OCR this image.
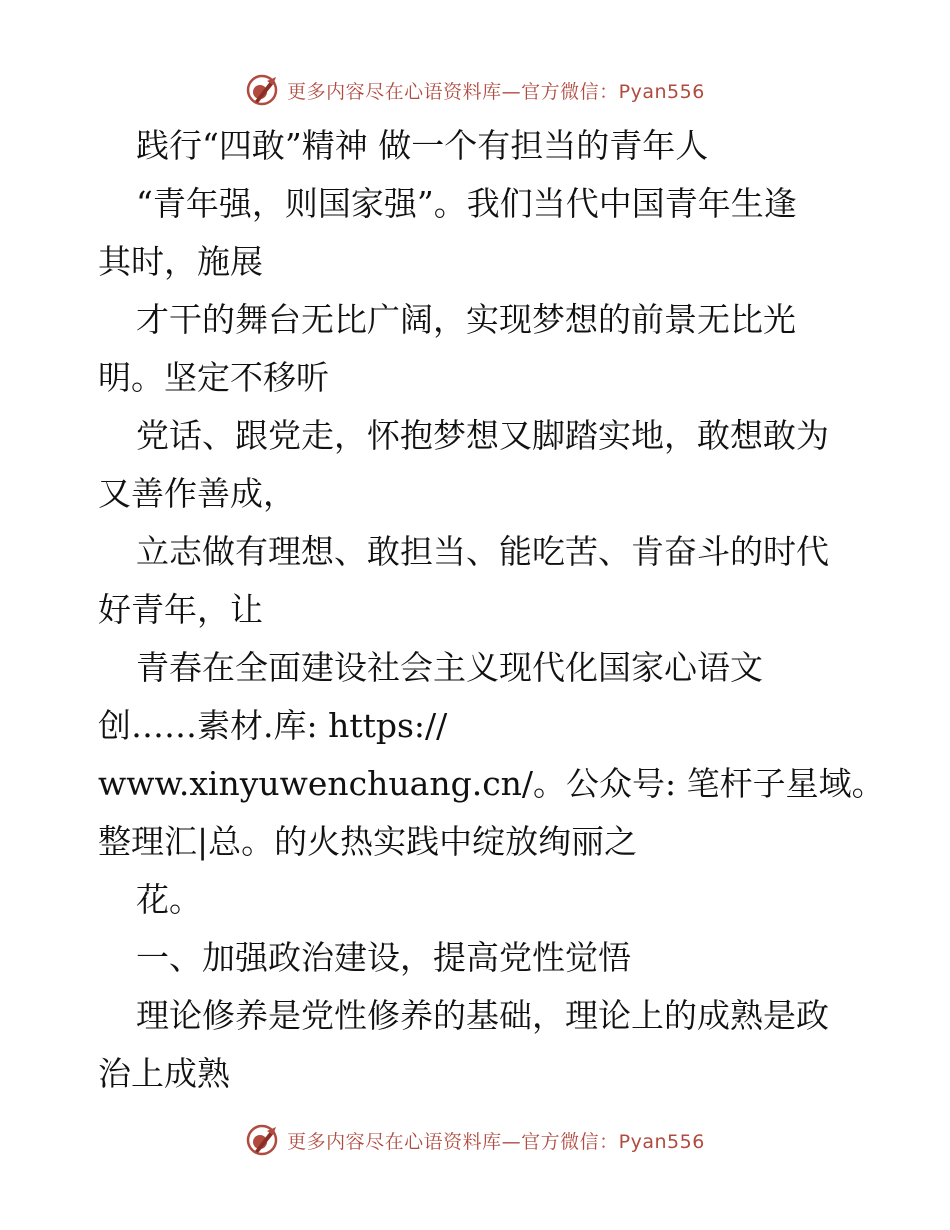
更多内容尽在心语资料库—官方微信：Pyan556
践行“四敢”精神 做一个有担当的青年人
“青年强，则国家强”。我们当代中国青年生逢
其时，施展
才干的舞台无比广阔，实现梦想的前景无比光
明。坚定不移听
党话、跟党走，怀抱梦想又脚踏实地，敢想敢为
又善作善成，
立志做有理想、敢担当、能吃苦、肯奋斗的时代
好青年，让
青春在全面建设社会主义现代化国家心语文
创……素材.库: https://
www.xinyuwenchuang.cn/。公众号: 笔杆子星域。
整理汇|总。的火热实践中绽放绚丽之
花。
一、加强政治建设，提高党性觉悟
理论修养是党性修养的基础，理论上的成熟是政
治上成熟
更多内容尽在心语资料库—官方微信：Pyan556
